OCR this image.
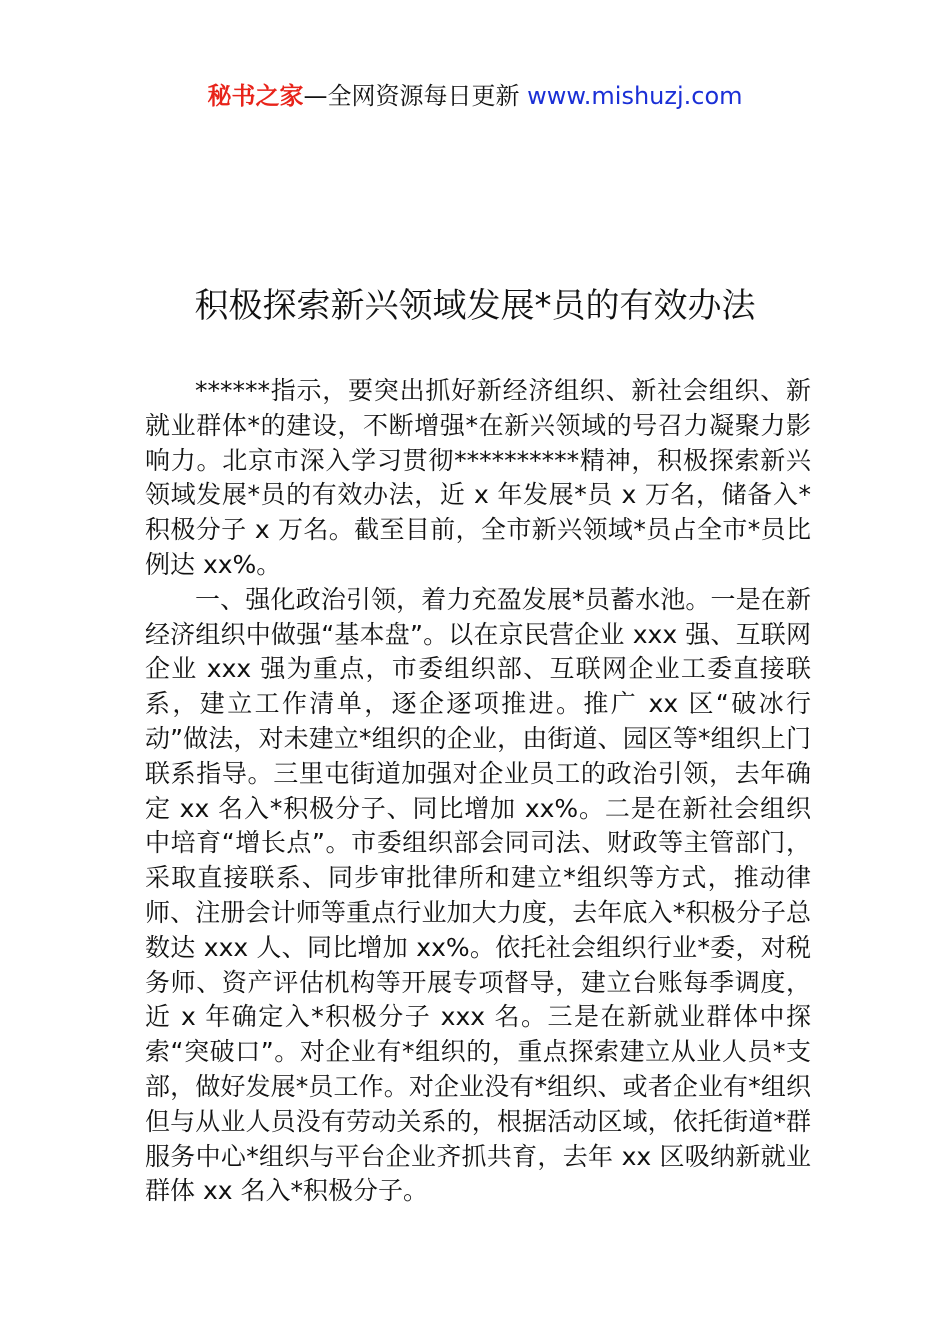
秘书之家—全网资源每日更新 www.mishuzj.com
积极探索新兴领域发展*员的有效办法

******指示，要突出抓好新经济组织、新社会组织、新就业群体*的建设，不断增强*在新兴领域的号召力凝聚力影响力。北京市深入学习贯彻**********精神，积极探索新兴领域发展*员的有效办法，近 x 年发展*员 x 万名，储备入*积极分子 x 万名。截至目前，全市新兴领域*员占全市*员比例达 xx%。

一、强化政治引领，着力充盈发展*员蓄水池。一是在新经济组织中做强“基本盘”。以在京民营企业 xxx 强、互联网企业 xxx 强为重点，市委组织部、互联网企业工委直接联系，建立工作清单，逐企逐项推进。推广 xx 区“破冰行动”做法，对未建立*组织的企业，由街道、园区等*组织上门联系指导。三里屯街道加强对企业员工的政治引领，去年确定 xx 名入*积极分子、同比增加 xx%。二是在新社会组织中培育“增长点”。市委组织部会同司法、财政等主管部门，采取直接联系、同步审批律所和建立*组织等方式，推动律师、注册会计师等重点行业加大力度，去年底入*积极分子总数达 xxx 人、同比增加 xx%。依托社会组织行业*委，对税务师、资产评估机构等开展专项督导，建立台账每季调度，近 x 年确定入*积极分子 xxx 名。三是在新就业群体中探索“突破口”。对企业有*组织的，重点探索建立从业人员*支部，做好发展*员工作。对企业没有*组织、或者企业有*组织但与从业人员没有劳动关系的，根据活动区域，依托街道*群服务中心*组织与平台企业齐抓共育，去年 xx 区吸纳新就业群体 xx 名入*积极分子。
